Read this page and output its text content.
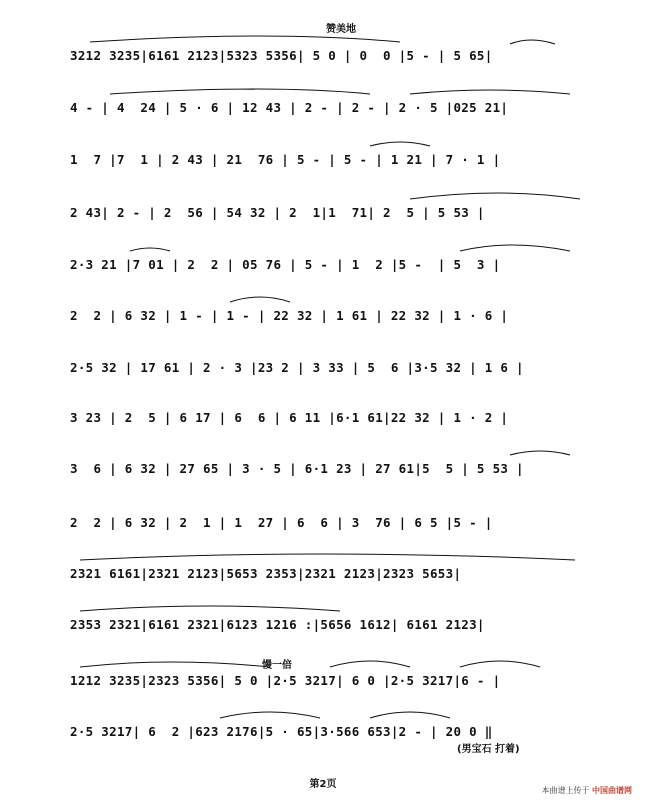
赞美地
3212 3235|6161 2123|5323 5356| 5 0 | 0  0 |5 - | 5 65|
4 - | 4  24 | 5 · 6 | 12 43 | 2 - | 2 - | 2 · 5 |025 21|
1  7 |7  1 | 2 43 | 21  76 | 5 - | 5 - | 1 21 | 7 · 1 |
2 43| 2 - | 2  56 | 54 32 | 2  1|1  71| 2  5 | 5 53 |
2·3 21 |7 01 | 2  2 | 05 76 | 5 - | 1  2 |5 -  | 5  3 |
2  2 | 6 32 | 1 - | 1 - | 22 32 | 1 61 | 22 32 | 1 · 6 |
2·5 32 | 17 61 | 2 · 3 |23 2 | 3 33 | 5  6 |3·5 32 | 1 6 |
3 23 | 2  5 | 6 17 | 6  6 | 6 11 |6·1 61|22 32 | 1 · 2 |
3  6 | 6 32 | 27 65 | 3 · 5 | 6·1 23 | 27 61|5  5 | 5 53 |
2  2 | 6 32 | 2  1 | 1  27 | 6  6 | 3  76 | 6 5 |5 - |
2321 6161|2321 2123|5653 2353|2321 2123|2323 5653|
2353 2321|6161 2321|6123 1216 :|5656 1612| 6161 2123|
慢一倍
1212 3235|2323 5356| 5 0 |2·5 3217| 6 0 |2·5 3217|6 - |
2·5 3217| 6  2 |623 2176|5 · 65|3·566 653|2 - | 20 0 ‖
(男宝石 打着)
第2页
本曲谱上传于 中国曲谱网
